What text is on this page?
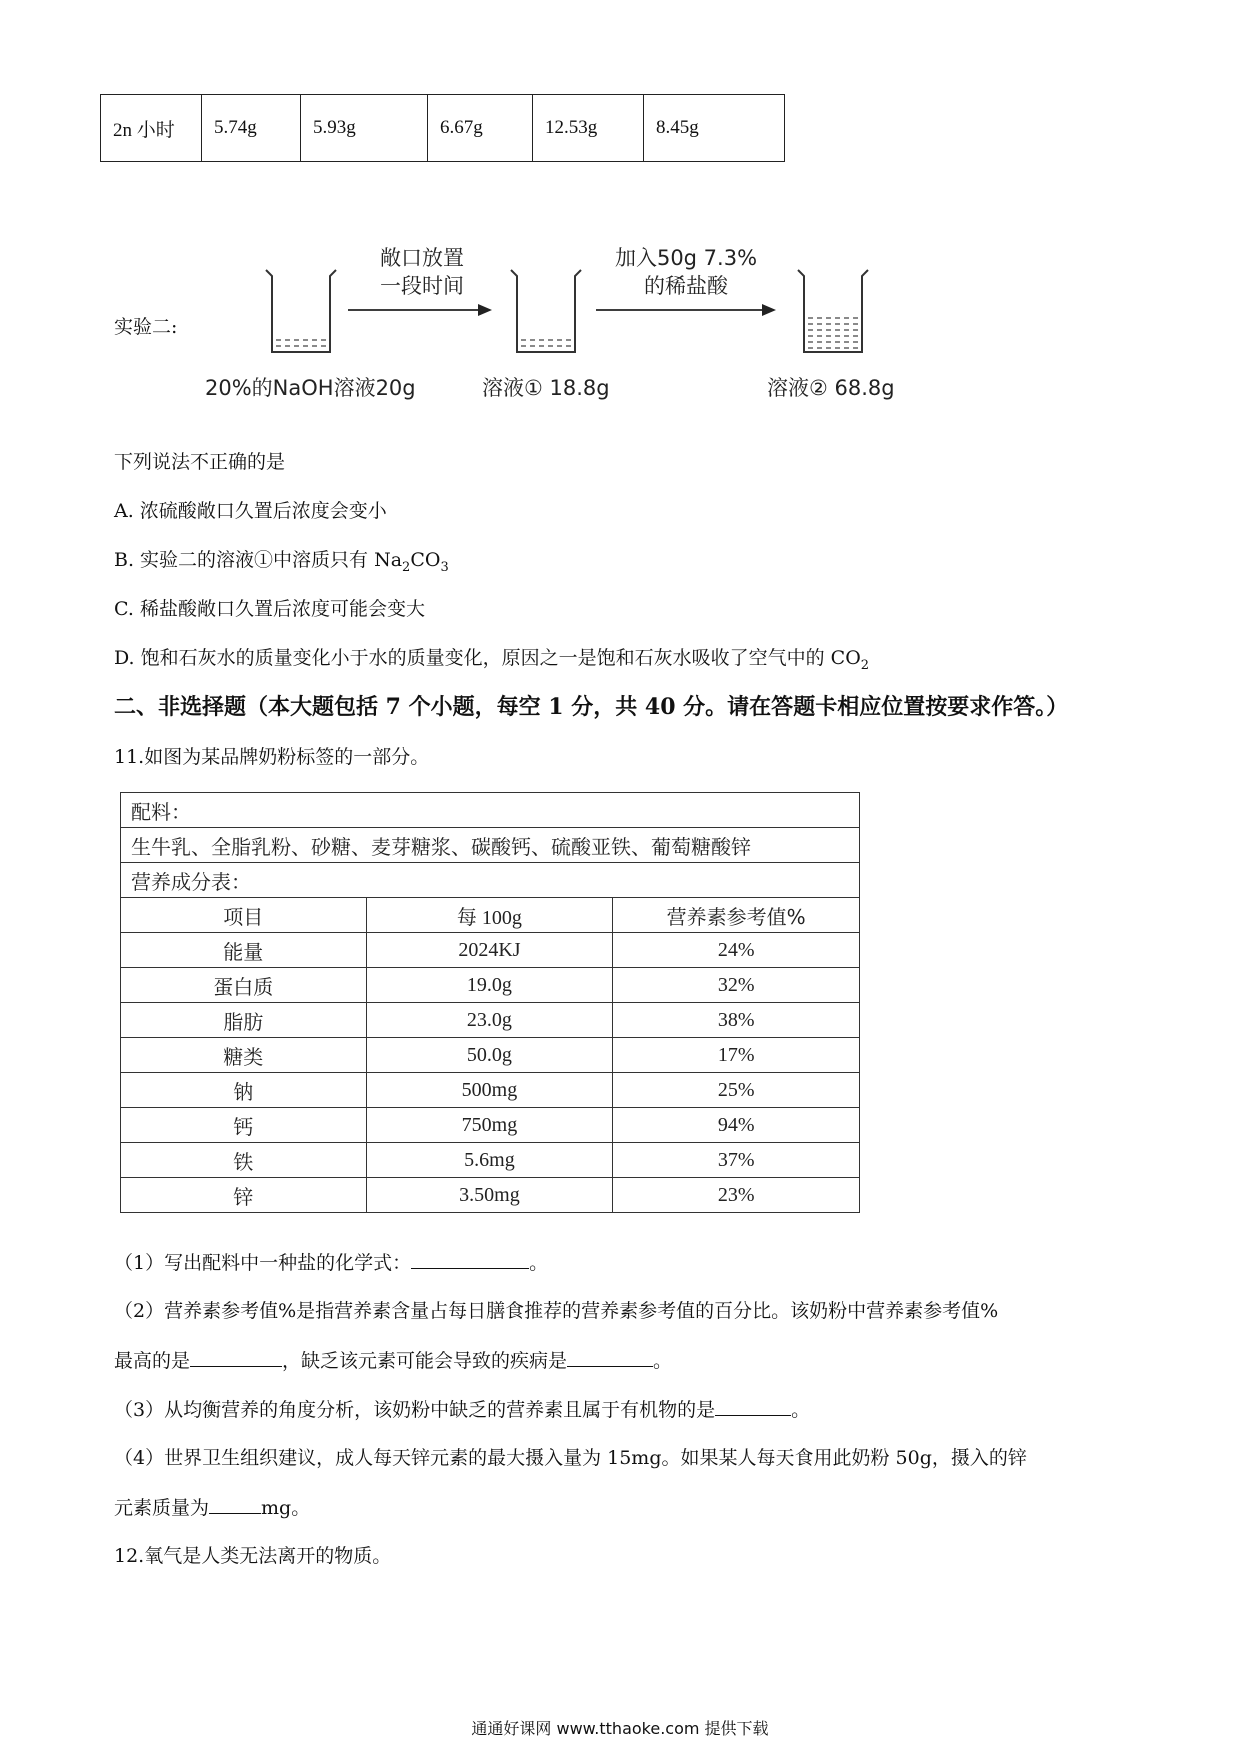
2n 小时	5.74g	5.93g	6.67g	12.53g	8.45g
实验二:
敞口放置
一段时间
加入50g 7.3%
的稀盐酸
20%的NaOH溶液20g	溶液① 18.8g	溶液② 68.8g
下列说法不正确的是
A. 浓硫酸敞口久置后浓度会变小
B. 实验二的溶液①中溶质只有 $Na_2CO_3$
C. 稀盐酸敞口久置后浓度可能会变大
D. 饱和石灰水的质量变化小于水的质量变化，原因之一是饱和石灰水吸收了空气中的 $CO_2$
二、非选择题（本大题包括 7 个小题，每空 1 分，共 40 分。请在答题卡相应位置按要求作答。）
11.如图为某品牌奶粉标签的一部分。
配料：		
生牛乳、全脂乳粉、砂糖、麦芽糖浆、碳酸钙、硫酸亚铁、葡萄糖酸锌		
营养成分表：		
项目	每 100g	营养素参考值%
能量	2024KJ	24%
蛋白质	19.0g	32%
脂肪	23.0g	38%
糖类	50.0g	17%
钠	500mg	25%
钙	750mg	94%
铁	5.6mg	37%
锌	3.50mg	23%
（1）写出配料中一种盐的化学式：	。
（2）营养素参考值%是指营养素含量占每日膳食推荐的营养素参考值的百分比。该奶粉中营养素参考值%
最高的是	，缺乏该元素可能会导致的疾病是	。
（3）从均衡营养的角度分析，该奶粉中缺乏的营养素且属于有机物的是	。
（4）世界卫生组织建议，成人每天锌元素的最大摄入量为 15mg。如果某人每天食用此奶粉 50g，摄入的锌
元素质量为	mg。
12.氧气是人类无法离开的物质。
通通好课网 www.tthaoke.com 提供下载
